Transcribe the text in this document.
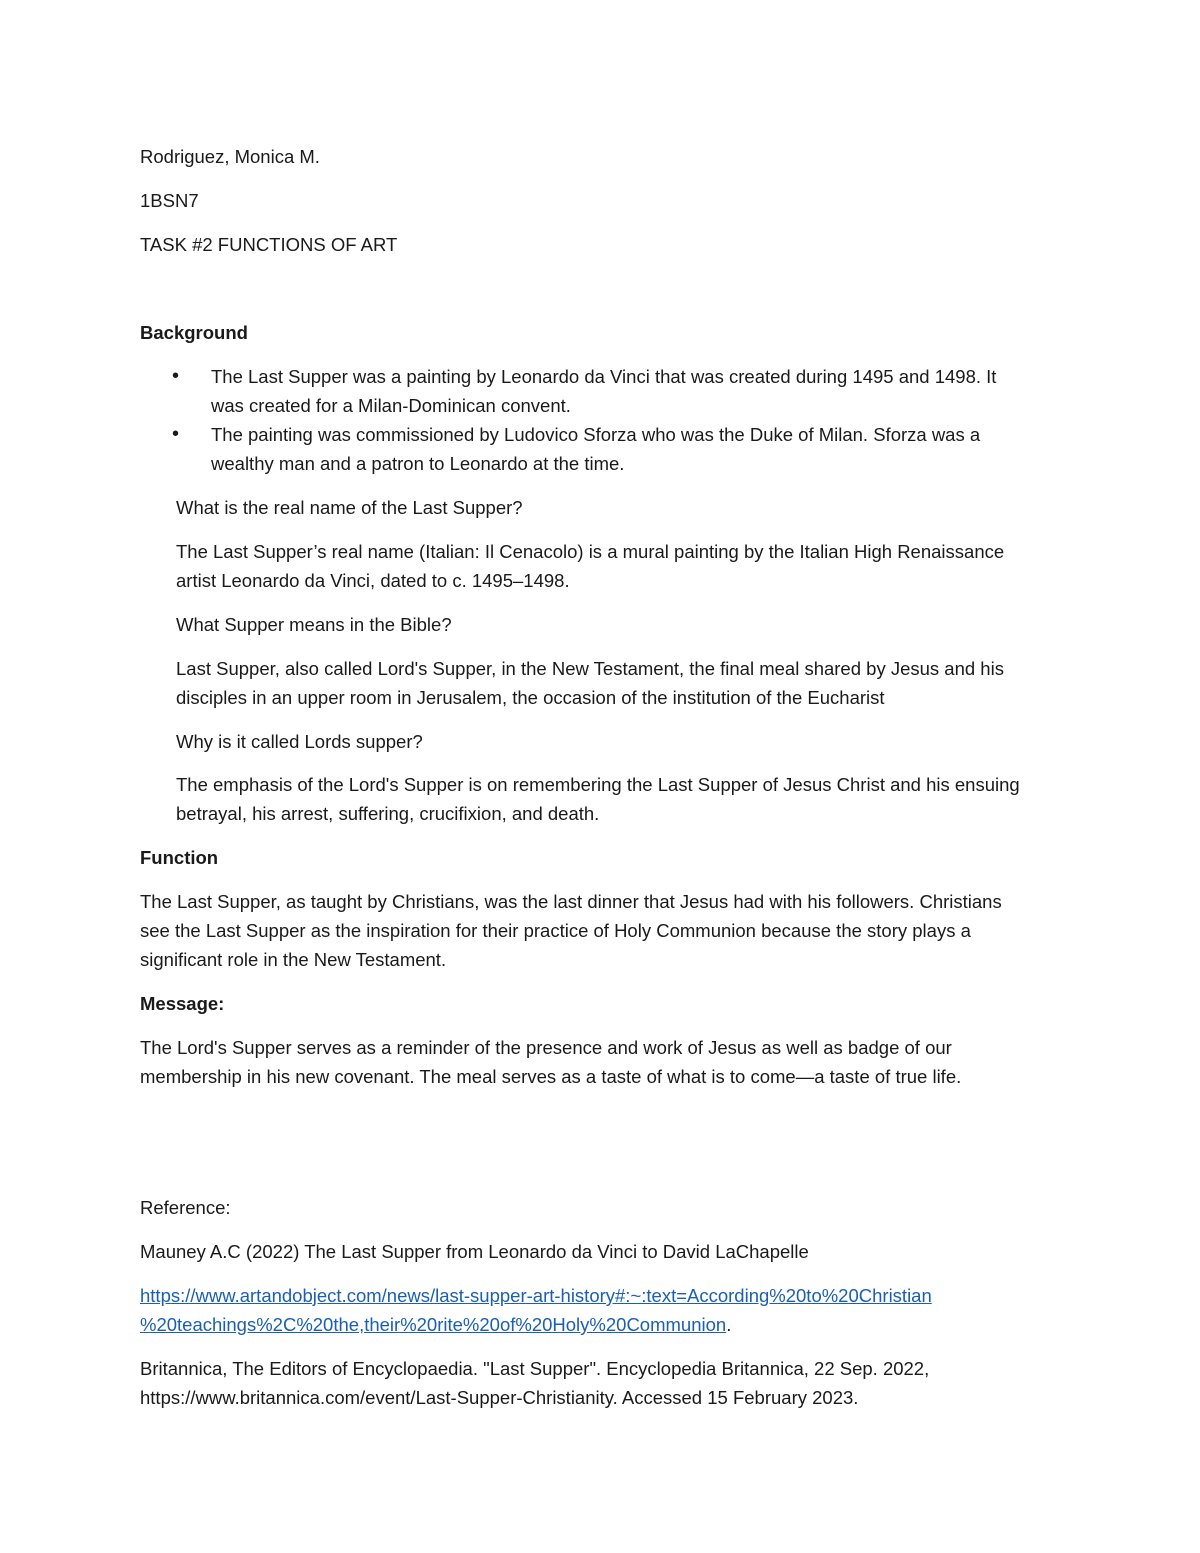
Rodriguez, Monica M.
1BSN7
TASK #2 FUNCTIONS OF ART
Background
• The Last Supper was a painting by Leonardo da Vinci that was created during 1495 and 1498. It
was created for a Milan-Dominican convent.
• The painting was commissioned by Ludovico Sforza who was the Duke of Milan. Sforza was a
wealthy man and a patron to Leonardo at the time.
What is the real name of the Last Supper?
The Last Supper’s real name (Italian: Il Cenacolo) is a mural painting by the Italian High Renaissance
artist Leonardo da Vinci, dated to c. 1495–1498.
What Supper means in the Bible?
Last Supper, also called Lord's Supper, in the New Testament, the final meal shared by Jesus and his
disciples in an upper room in Jerusalem, the occasion of the institution of the Eucharist
Why is it called Lords supper?
The emphasis of the Lord's Supper is on remembering the Last Supper of Jesus Christ and his ensuing
betrayal, his arrest, suffering, crucifixion, and death.
Function
The Last Supper, as taught by Christians, was the last dinner that Jesus had with his followers. Christians
see the Last Supper as the inspiration for their practice of Holy Communion because the story plays a
significant role in the New Testament.
Message:
The Lord's Supper serves as a reminder of the presence and work of Jesus as well as badge of our
membership in his new covenant. The meal serves as a taste of what is to come—a taste of true life.
Reference:
Mauney A.C (2022) The Last Supper from Leonardo da Vinci to David LaChapelle
https://www.artandobject.com/news/last-supper-art-history#:~:text=According%20to%20Christian
%20teachings%2C%20the,their%20rite%20of%20Holy%20Communion.
Britannica, The Editors of Encyclopaedia. "Last Supper". Encyclopedia Britannica, 22 Sep. 2022,
https://www.britannica.com/event/Last-Supper-Christianity. Accessed 15 February 2023.
